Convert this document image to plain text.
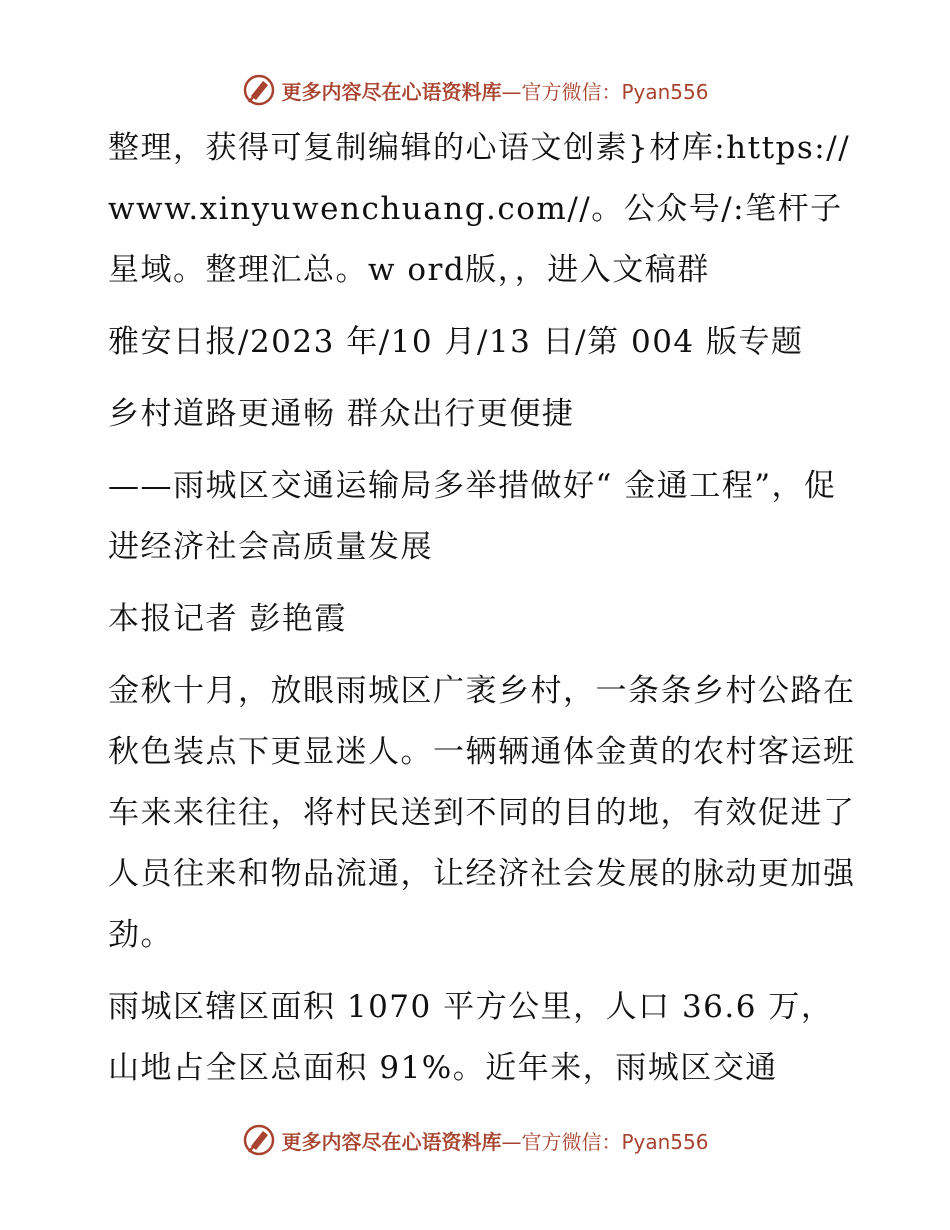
更多内容尽在心语资料库—官方微信：Pyan556

整理，获得可复制编辑的心语文创素}材库:https://www.xinyuwenchuang.com//。公众号/:笔杆子星域。整理汇总。w ord版，，进入文稿群

雅安日报/2023 年/10 月/13 日/第 004 版专题

乡村道路更通畅 群众出行更便捷

——雨城区交通运输局多举措做好“ 金通工程”，促进经济社会高质量发展

本报记者 彭艳霞

金秋十月，放眼雨城区广袤乡村，一条条乡村公路在秋色装点下更显迷人。一辆辆通体金黄的农村客运班车来来往往，将村民送到不同的目的地，有效促进了人员往来和物品流通，让经济社会发展的脉动更加强劲。

雨城区辖区面积 1070 平方公里，人口 36.6 万，山地占全区总面积 91%。近年来，雨城区交通

更多内容尽在心语资料库—官方微信：Pyan556
